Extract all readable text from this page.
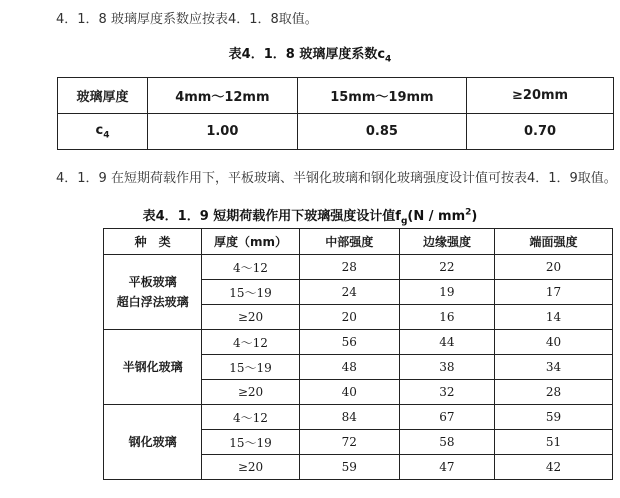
4．1．8 玻璃厚度系数应按表4．1．8取值。
表4．1．8 玻璃厚度系数$c_4$
玻璃厚度	4mm～12mm	15mm～19mm	≥20mm
$c_4$	1.00	0.85	0.70
4．1．9 在短期荷载作用下，平板玻璃、半钢化玻璃和钢化玻璃强度设计值可按表4．1．9取值。
表4．1．9 短期荷载作用下玻璃强度设计值$f_g(N / mm^2)$
种　类	厚度（mm）	中部强度	边缘强度	端面强度

平板玻璃
超白浮法玻璃	4～12	28	22	20
	15～19	24	19	17
	≥20	20	16	14

半钢化玻璃	4～12	56	44	40
	15～19	48	38	34
	≥20	40	32	28

钢化玻璃	4～12	84	67	59
	15～19	72	58	51
	≥20	59	47	42
